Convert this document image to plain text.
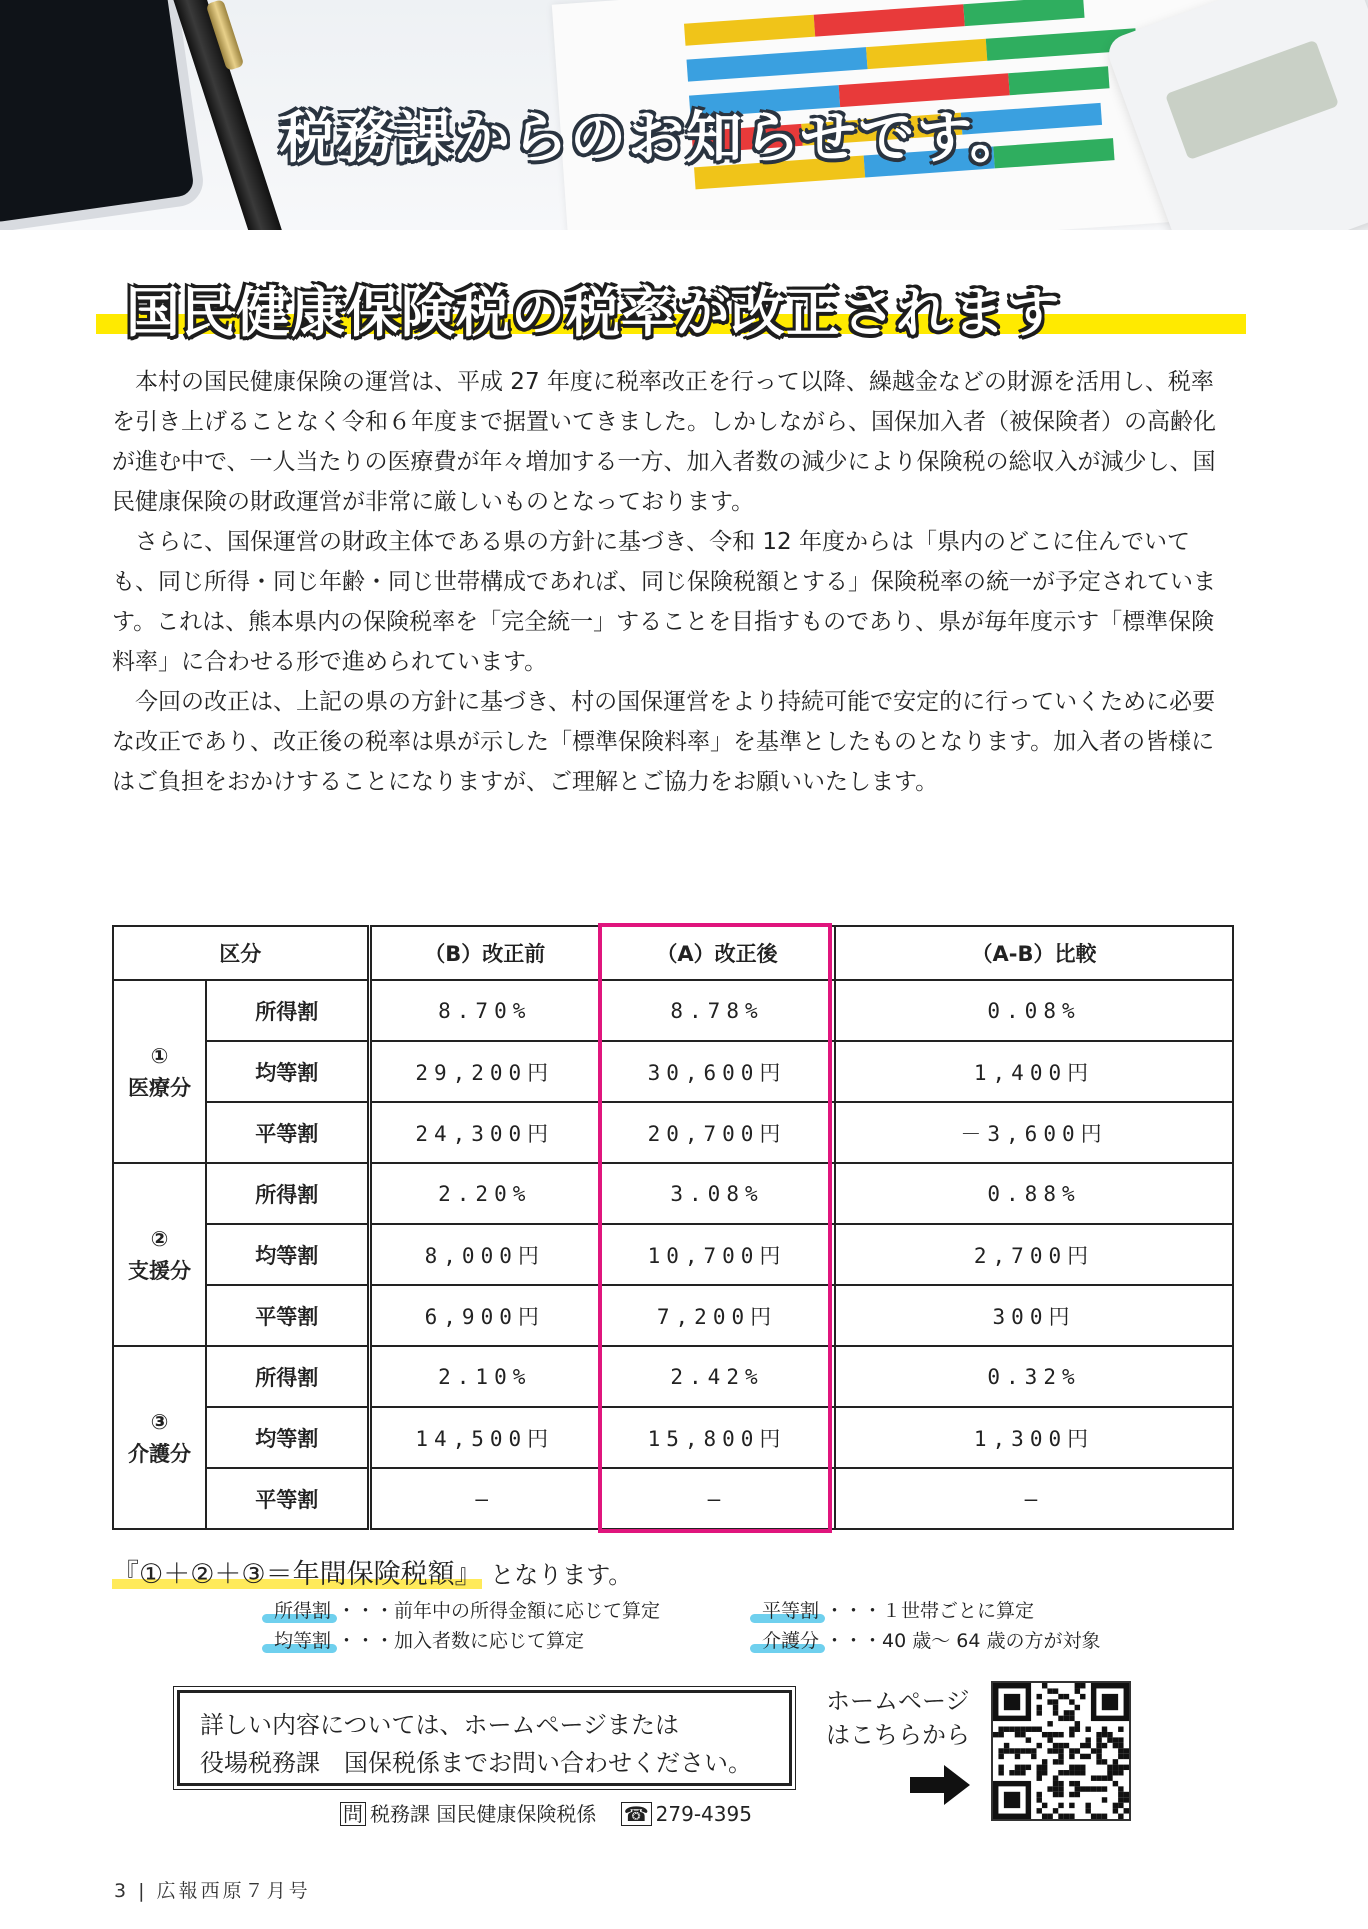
税務課からのお知らせです。
国民健康保険税の税率が改正されます

本村の国民健康保険の運営は、平成 27 年度に税率改正を行って以降、繰越金などの財源を活用し、税率を引き上げることなく令和６年度まで据置いてきました。しかしながら、国保加入者（被保険者）の高齢化が進む中で、一人当たりの医療費が年々増加する一方、加入者数の減少により保険税の総収入が減少し、国民健康保険の財政運営が非常に厳しいものとなっております。

さらに、国保運営の財政主体である県の方針に基づき、令和 12 年度からは「県内のどこに住んでいても、同じ所得・同じ年齢・同じ世帯構成であれば、同じ保険税額とする」保険税率の統一が予定されています。これは、熊本県内の保険税率を「完全統一」することを目指すものであり、県が毎年度示す「標準保険料率」に合わせる形で進められています。

今回の改正は、上記の県の方針に基づき、村の国保運営をより持続可能で安定的に行っていくために必要な改正であり、改正後の税率は県が示した「標準保険料率」を基準としたものとなります。加入者の皆様にはご負担をおかけすることになりますが、ご理解とご協力をお願いいたします。

区分		（B）改正前	（A）改正後	（A-B）比較
①
医療分	所得割	8.70%	8.78%	0.08%
	均等割	29,200円	30,600円	1,400円
	平等割	24,300円	20,700円	－3,600円
②
支援分	所得割	2.20%	3.08%	0.88%
	均等割	8,000円	10,700円	2,700円
	平等割	6,900円	7,200円	300円
③
介護分	所得割	2.10%	2.42%	0.32%
	均等割	14,500円	15,800円	1,300円
	平等割	—	—	—
『①＋②＋③＝年間保険税額』 となります。
所得割 ・・・前年中の所得金額に応じて算定
均等割 ・・・加入者数に応じて算定
平等割 ・・・１世帯ごとに算定
介護分 ・・・40 歳～ 64 歳の方が対象
詳しい内容については、ホームページまたは
役場税務課　国保税係までお問い合わせください。
ホームページ
はこちらから
問 税務課 国民健康保険税係 ☎ 279-4395
3 | 広報西原７月号
